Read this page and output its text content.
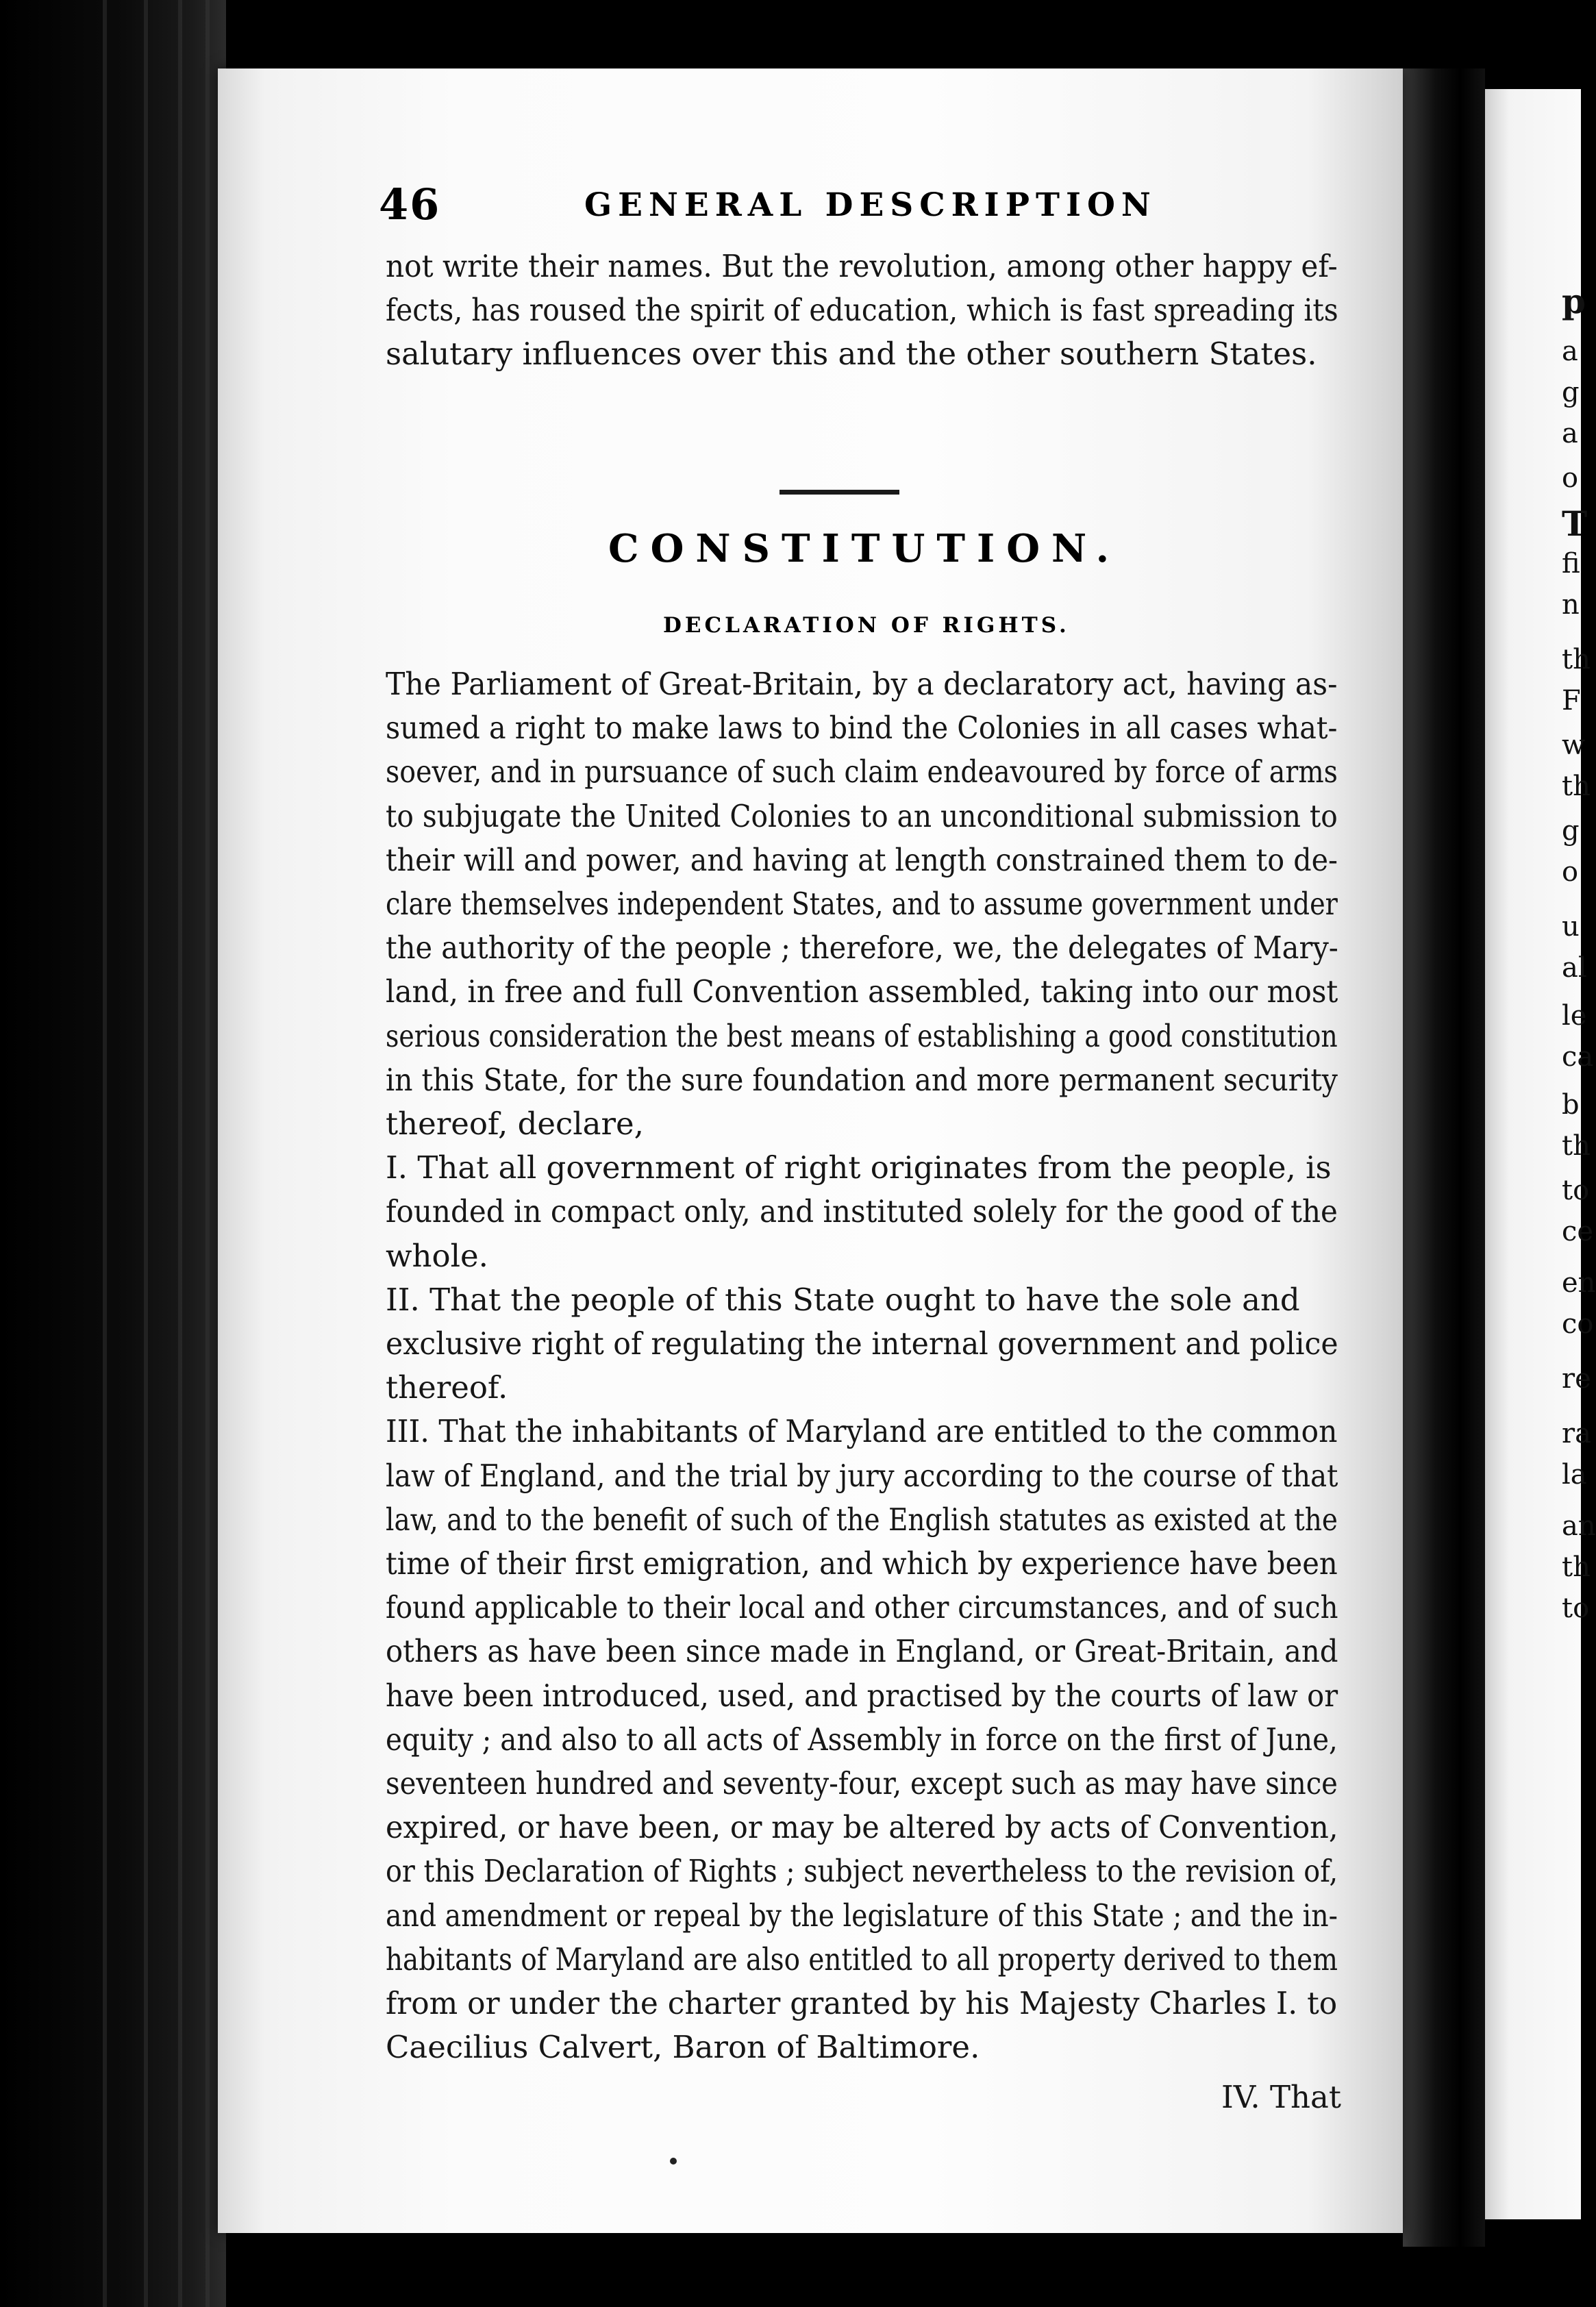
p
a
g
a
o
T
fi
n
th
F
w
th
g
o
u
al
le
ca
b
th
to
ce
en
co
re
ra
la
an
th
to
46	GENERAL DESCRIPTION
not write their names. But the revolution, among other happy ef-
fects, has roused the spirit of education, which is fast spreading its
salutary influences over this and the other southern States.
CONSTITUTION.
DECLARATION OF RIGHTS.
The Parliament of Great-Britain, by a declaratory act, having as-
sumed a right to make laws to bind the Colonies in all cases what-
soever, and in pursuance of such claim endeavoured by force of arms
to subjugate the United Colonies to an unconditional submission to
their will and power, and having at length constrained them to de-
clare themselves independent States, and to assume government under
the authority of the people ; therefore, we, the delegates of Mary-
land, in free and full Convention assembled, taking into our most
serious consideration the best means of establishing a good constitution
in this State, for the sure foundation and more permanent security
thereof, declare,
I. That all government of right originates from the people, is
founded in compact only, and instituted solely for the good of the
whole.
II. That the people of this State ought to have the sole and
exclusive right of regulating the internal government and police
thereof.
III. That the inhabitants of Maryland are entitled to the common
law of England, and the trial by jury according to the course of that
law, and to the benefit of such of the English statutes as existed at the
time of their first emigration, and which by experience have been
found applicable to their local and other circumstances, and of such
others as have been since made in England, or Great-Britain, and
have been introduced, used, and practised by the courts of law or
equity ; and also to all acts of Assembly in force on the first of June,
seventeen hundred and seventy-four, except such as may have since
expired, or have been, or may be altered by acts of Convention,
or this Declaration of Rights ; subject nevertheless to the revision of,
and amendment or repeal by the legislature of this State ; and the in-
habitants of Maryland are also entitled to all property derived to them
from or under the charter granted by his Majesty Charles I. to
Caecilius Calvert, Baron of Baltimore.
IV. That
